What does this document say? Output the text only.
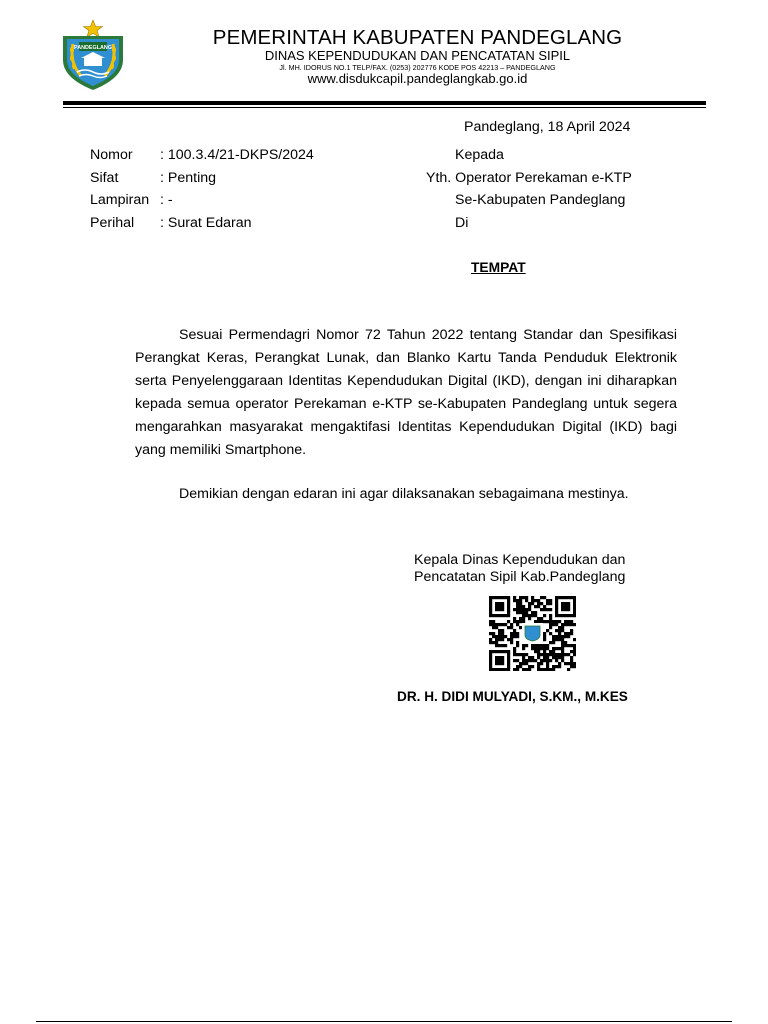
PANDEGLANG	PEMERINTAH KABUPATEN PANDEGLANG
DINAS KEPENDUDUKAN DAN PENCATATAN SIPIL
Jl. MH. IDORUS NO.1 TELP/FAX. (0253) 202776 KODE POS 42213 – PANDEGLANG
www.disdukcapil.pandeglangkab.go.id
Pandeglang, 18 April 2024
Nomor : 100.3.4/21-DKPS/2024
Sifat	: Penting
Lampiran : -
Perihal : Surat Edaran
Kepada
Yth. Operator Perekaman e-KTP
Se-Kabupaten Pandeglang
Di
TEMPAT

Sesuai Permendagri Nomor 72 Tahun 2022 tentang Standar dan Spesifikasi Perangkat Keras, Perangkat Lunak, dan Blanko Kartu Tanda Penduduk Elektronik serta Penyelenggaraan Identitas Kependudukan Digital (IKD), dengan ini diharapkan kepada semua operator Perekaman e-KTP se-Kabupaten Pandeglang untuk segera mengarahkan masyarakat mengaktifasi Identitas Kependudukan Digital (IKD) bagi yang memiliki Smartphone.

Demikian dengan edaran ini agar dilaksanakan sebagaimana mestinya.
Kepala Dinas Kependudukan dan
Pencatatan Sipil Kab.Pandeglang
DR. H. DIDI MULYADI, S.KM., M.KES
